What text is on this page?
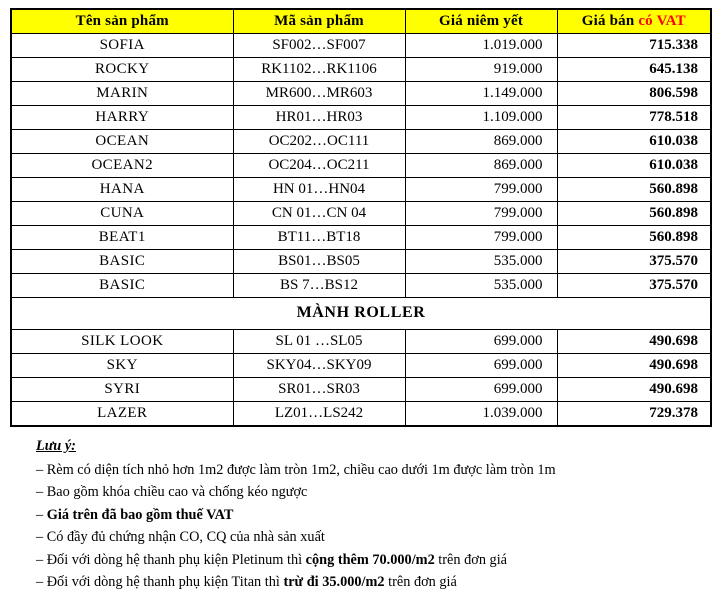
Tên sản phẩm	Mã sản phẩm	Giá niêm yết	Giá bán có VAT
SOFIA	SF002…SF007	1.019.000	715.338
ROCKY	RK1102…RK1106	919.000	645.138
MARIN	MR600…MR603	1.149.000	806.598
HARRY	HR01…HR03	1.109.000	778.518
OCEAN	OC202…OC111	869.000	610.038
OCEAN2	OC204…OC211	869.000	610.038
HANA	HN 01…HN04	799.000	560.898
CUNA	CN 01…CN 04	799.000	560.898
BEAT1	BT11…BT18	799.000	560.898
BASIC	BS01…BS05	535.000	375.570
BASIC	BS 7…BS12	535.000	375.570
MÀNH ROLLER			
SILK LOOK	SL 01 …SL05	699.000	490.698
SKY	SKY04…SKY09	699.000	490.698
SYRI	SR01…SR03	699.000	490.698
LAZER	LZ01…LS242	1.039.000	729.378
Lưu ý:
– Rèm có diện tích nhỏ hơn 1m2 được làm tròn 1m2, chiều cao dưới 1m được làm tròn 1m
– Bao gồm khóa chiều cao và chống kéo ngược
– Giá trên đã bao gồm thuế VAT
– Có đầy đủ chứng nhận CO, CQ của nhà sản xuất
– Đối với dòng hệ thanh phụ kiện Pletinum thì cộng thêm 70.000/m2 trên đơn giá
– Đối với dòng hệ thanh phụ kiện Titan thì trừ đi 35.000/m2 trên đơn giá
